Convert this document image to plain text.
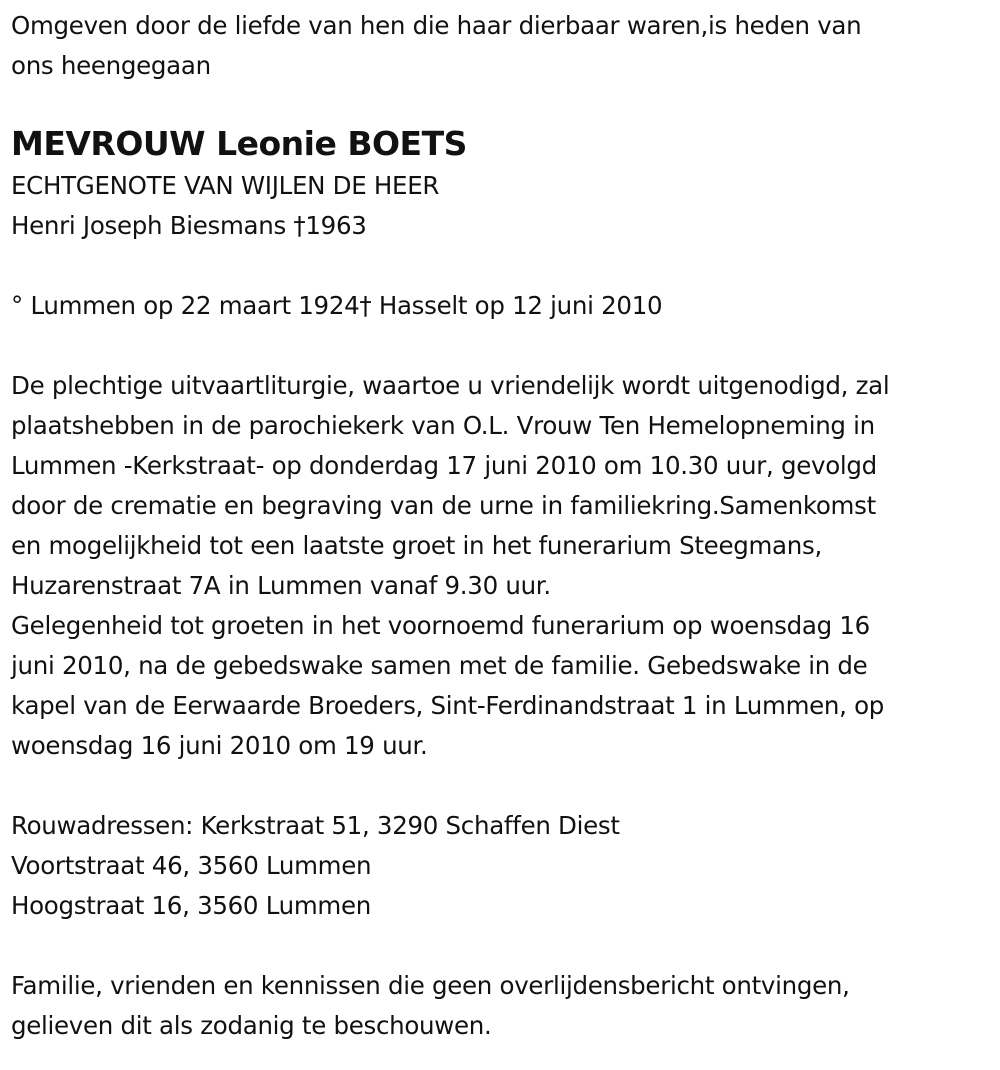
Omgeven door de liefde van hen die haar dierbaar waren,is heden van
ons heengegaan
MEVROUW Leonie BOETS
ECHTGENOTE VAN WIJLEN DE HEER
Henri Joseph Biesmans †1963
° Lummen op 22 maart 1924† Hasselt op 12 juni 2010
De plechtige uitvaartliturgie, waartoe u vriendelijk wordt uitgenodigd, zal
plaatshebben in de parochiekerk van O.L. Vrouw Ten Hemelopneming in
Lummen -Kerkstraat- op donderdag 17 juni 2010 om 10.30 uur, gevolgd
door de crematie en begraving van de urne in familiekring.Samenkomst
en mogelijkheid tot een laatste groet in het funerarium Steegmans,
Huzarenstraat 7A in Lummen vanaf 9.30 uur.
Gelegenheid tot groeten in het voornoemd funerarium op woensdag 16
juni 2010, na de gebedswake samen met de familie. Gebedswake in de
kapel van de Eerwaarde Broeders, Sint-Ferdinandstraat 1 in Lummen, op
woensdag 16 juni 2010 om 19 uur.
Rouwadressen: Kerkstraat 51, 3290 Schaffen Diest
Voortstraat 46, 3560 Lummen
Hoogstraat 16, 3560 Lummen
Familie, vrienden en kennissen die geen overlijdensbericht ontvingen,
gelieven dit als zodanig te beschouwen.
